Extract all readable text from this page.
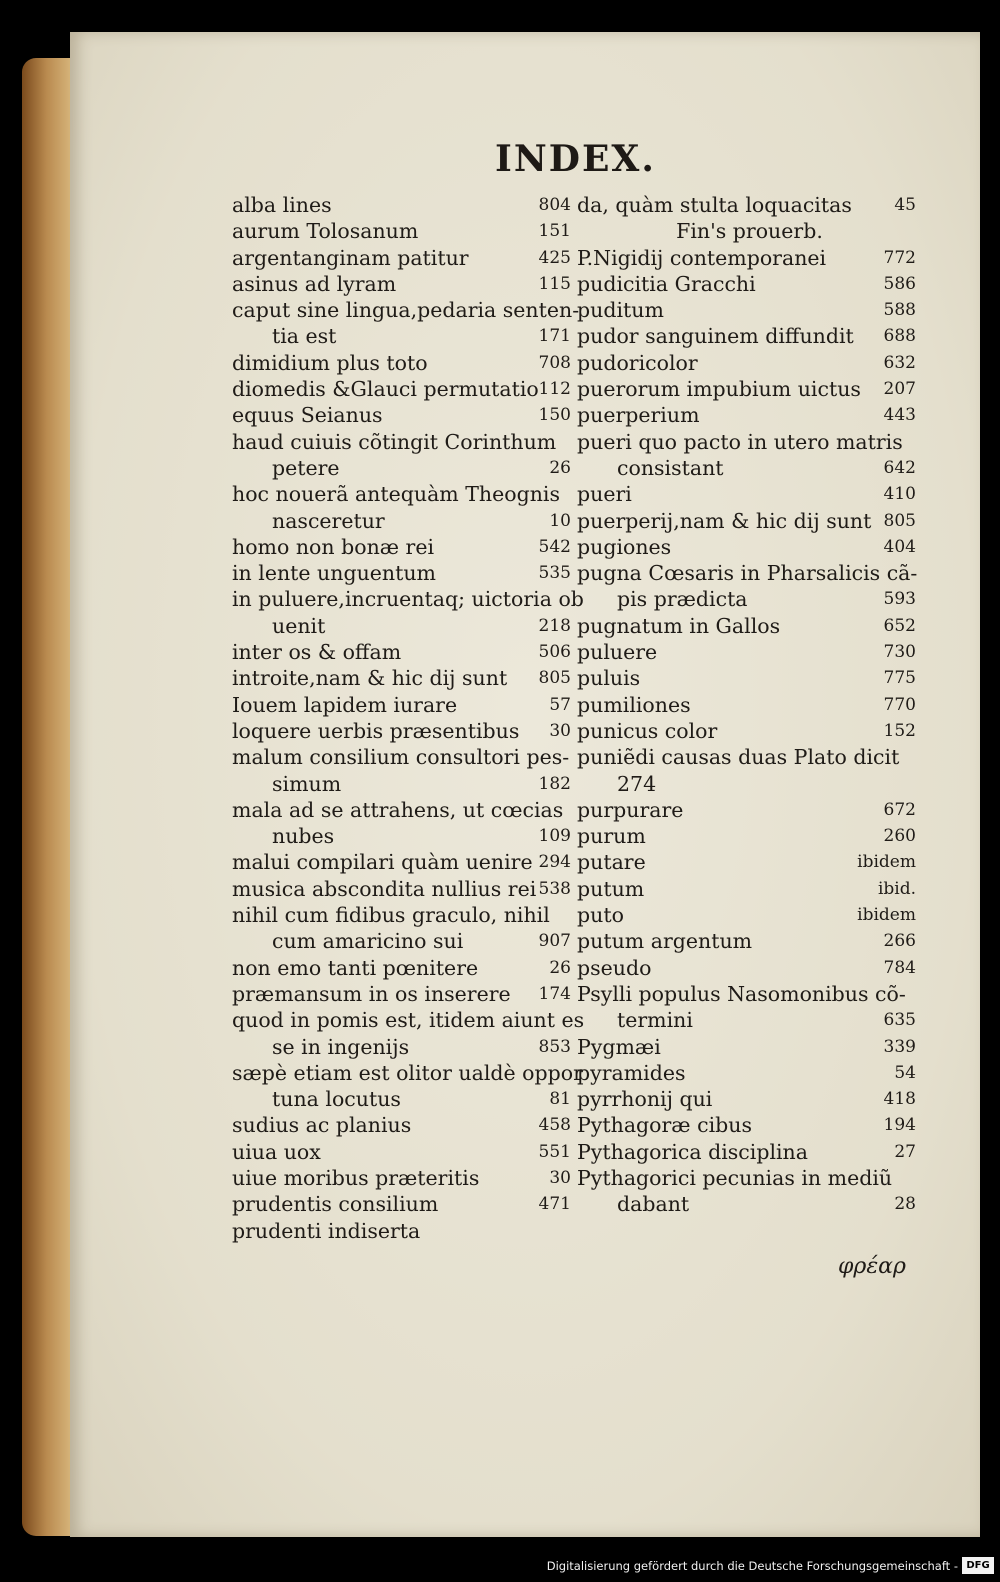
INDEX.
alba lines	804
aurum Tolosanum	151
argentanginam patitur	425
asinus ad lyram	115
caput sine lingua,pedaria senten-
tia est	171
dimidium plus toto	708
diomedis &Glauci permutatio 112
equus Seianus	150
haud cuiuis cõtingit Corinthum
petere	26
hoc nouerã antequàm Theognis
nasceretur	10
homo non bonæ rei	542
in lente unguentum	535
in puluere,incruentaq; uictoria ob
uenit	218
inter os & offam	506
introite,nam & hic dij sunt 805
Iouem lapidem iurare	57
loquere uerbis præsentibus 30
malum consilium consultori pes-
simum	182
mala ad se attrahens, ut cœcias
nubes	109
malui compilari quàm uenire 294
musica abscondita nullius rei 538
nihil cum fidibus graculo, nihil
cum amaricino sui	907
non emo tanti pœnitere	26
præmansum in os inserere 174
quod in pomis est, itidem aiunt es
se in ingenijs	853
sæpè etiam est olitor ualdè oppor
tuna locutus	81
sudius ac planius	458
uiua uox	551
uiue moribus præteritis	30
prudentis consilium	471
prudenti indiserta
da, quàm stulta loquacitas	45
Fin's prouerb.
P.Nigidij contemporanei	772
pudicitia Gracchi	586
puditum	588
pudor sanguinem diffundit 688
pudoricolor	632
puerorum impubium uictus 207
puerperium	443
pueri quo pacto in utero matris
consistant	642
pueri	410
puerperij,nam & hic dij sunt 805
pugiones	404
pugna Cœsaris in Pharsalicis cã-
pis prædicta	593
pugnatum in Gallos	652
puluere	730
puluis	775
pumiliones	770
punicus color	152
puniẽdi causas duas Plato dicit
274
purpurare	672
purum	260
putare	ibidem
putum	ibid.
puto	ibidem
putum argentum	266
pseudo	784
Psylli populus Nasomonibus cõ-
termini	635
Pygmæi	339
pyramides	54
pyrrhonij qui	418
Pythagoræ cibus	194
Pythagorica disciplina	27
Pythagorici pecunias in mediũ
dabant	28
φρέαρ
Digitalisierung gefördert durch die Deutsche Forschungsgemeinschaft - DFG
